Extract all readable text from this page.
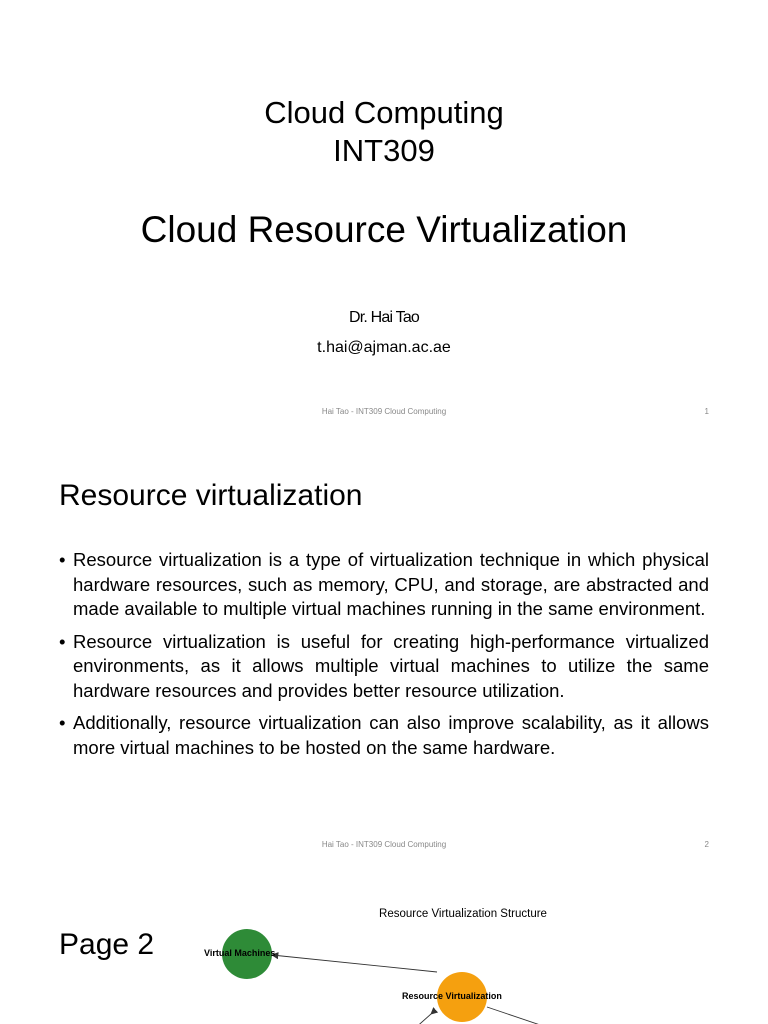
Cloud Computing
INT309
Cloud Resource Virtualization
Dr. Hai Tao
t.hai@ajman.ac.ae
Hai Tao - INT309 Cloud Computing	1
Resource virtualization
• Resource virtualization is a type of virtualization technique in which physical hardware resources, such as memory, CPU, and storage, are abstracted and made available to multiple virtual machines running in the same environment.
• Resource virtualization is useful for creating high-performance virtualized environments, as it allows multiple virtual machines to utilize the same hardware resources and provides better resource utilization.
• Additionally, resource virtualization can also improve scalability, as it allows more virtual machines to be hosted on the same hardware.
Hai Tao - INT309 Cloud Computing	2
Page 2
Resource Virtualization Structure
Virtual Machines
Resource Virtualization
